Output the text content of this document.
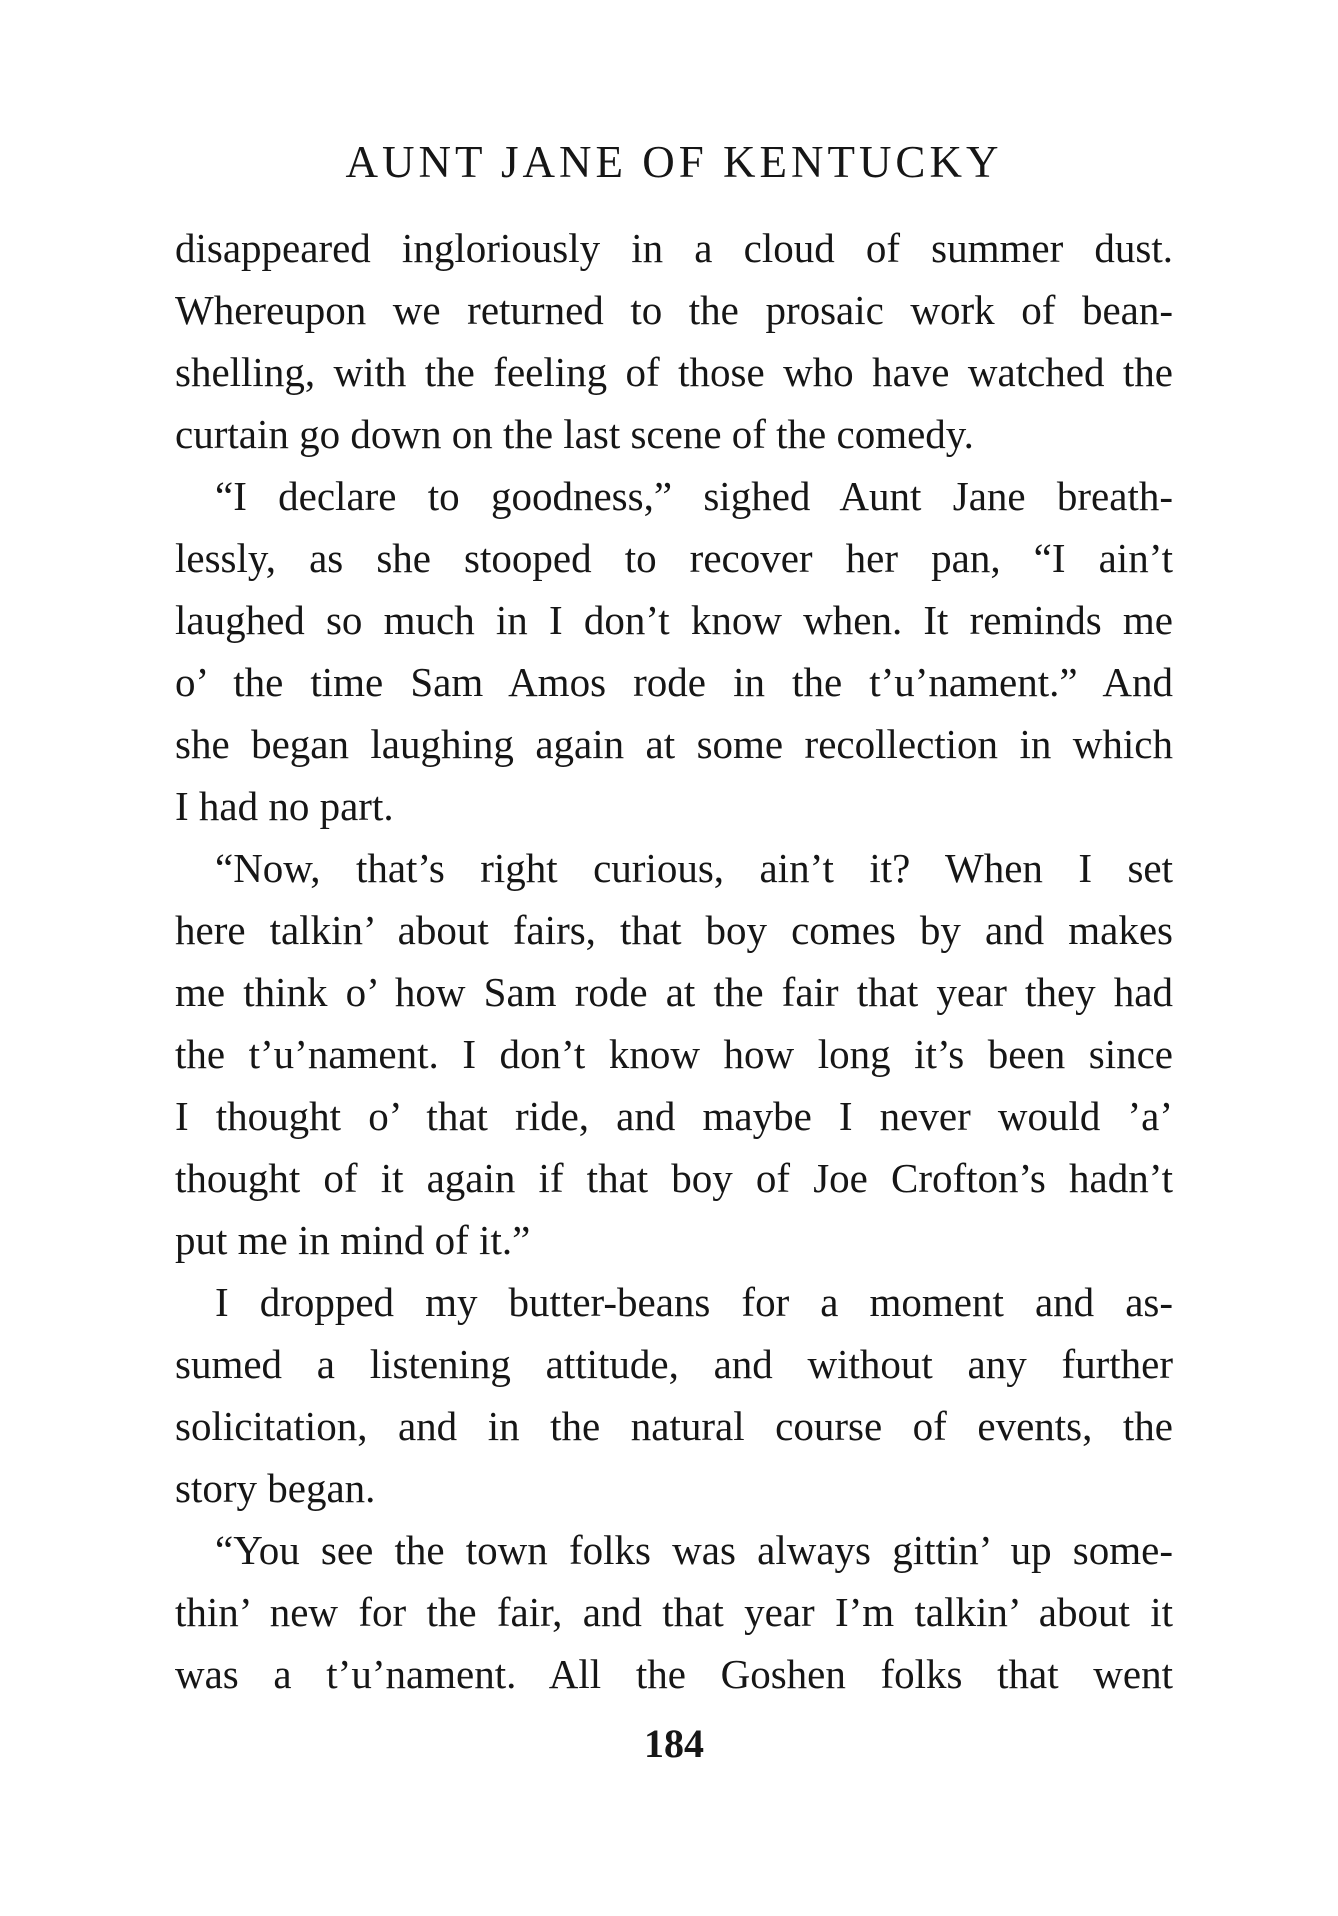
AUNT JANE OF KENTUCKY
disappeared ingloriously in a cloud of summer dust.
Whereupon we returned to the prosaic work of bean-
shelling, with the feeling of those who have watched the
curtain go down on the last scene of the comedy.
“I declare to goodness,” sighed Aunt Jane breath-
lessly, as she stooped to recover her pan, “I ain’t
laughed so much in I don’t know when. It reminds me
o’ the time Sam Amos rode in the t’u’nament.” And
she began laughing again at some recollection in which
I had no part.
“Now, that’s right curious, ain’t it? When I set
here talkin’ about fairs, that boy comes by and makes
me think o’ how Sam rode at the fair that year they had
the t’u’nament. I don’t know how long it’s been since
I thought o’ that ride, and maybe I never would ’a’
thought of it again if that boy of Joe Crofton’s hadn’t
put me in mind of it.”
I dropped my butter-beans for a moment and as-
sumed a listening attitude, and without any further
solicitation, and in the natural course of events, the
story began.
“You see the town folks was always gittin’ up some-
thin’ new for the fair, and that year I’m talkin’ about it
was a t’u’nament. All the Goshen folks that went
184
